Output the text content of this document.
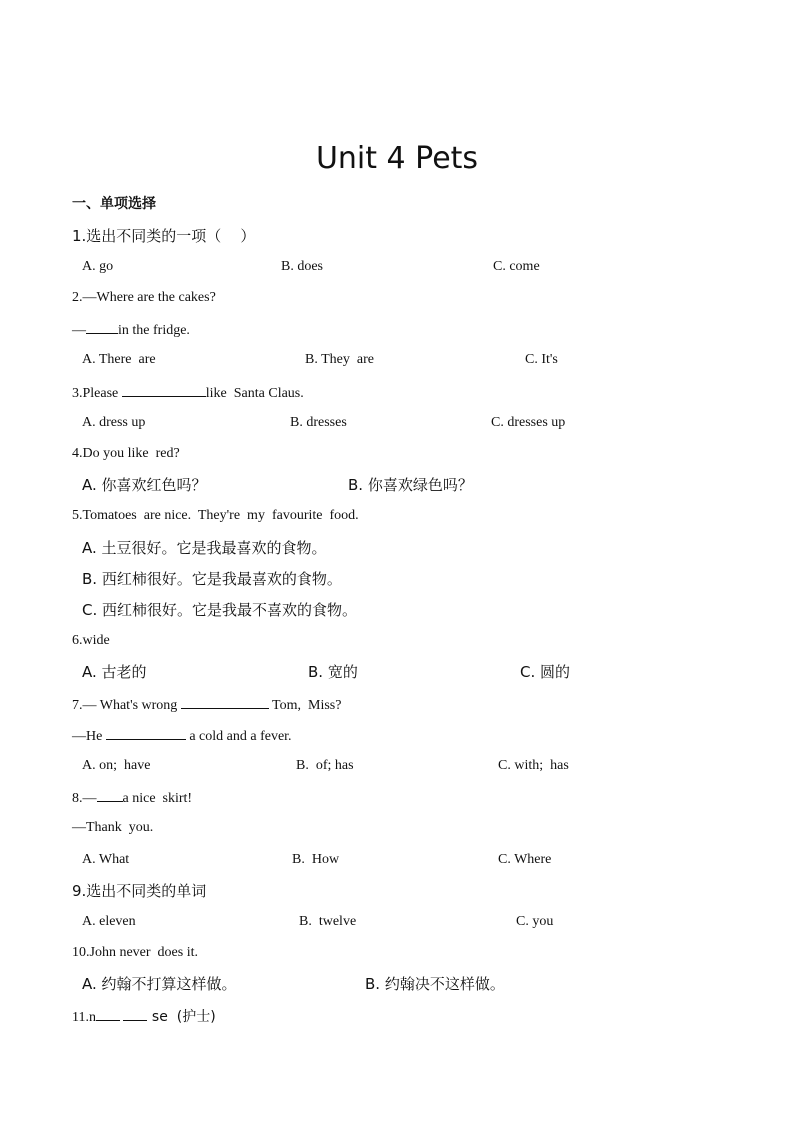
Unit 4 Pets
一、单项选择
1.选出不同类的一项（    ）
A. go	B. does	C. come
2.—Where are the cakes?
— in the fridge.
A. There  are	B. They  are	C. It's
3.Please	like  Santa Claus.
A. dress up	B. dresses	C. dresses up
4.Do you like  red?
A. 你喜欢红色吗？	B. 你喜欢绿色吗？
5.Tomatoes  are nice.  They're  my  favourite  food.
A. 土豆很好。它是我最喜欢的食物。
B. 西红柿很好。它是我最喜欢的食物。
C. 西红柿很好。它是我最不喜欢的食物。
6.wide
A. 古老的	B. 宽的	C. 圆的
7.— What's wrong	Tom,  Miss?
—He	a cold and a fever.
A. on;  have	B.  of; has	C. with;  has
8.— a nice  skirt!
—Thank  you.
A. What	B.  How	C. Where
9.选出不同类的单词
A. eleven	B.  twelve	C. you
10.John never  does it.
A. 约翰不打算这样做。	B. 约翰决不这样做。
11.n	se  (护士)
